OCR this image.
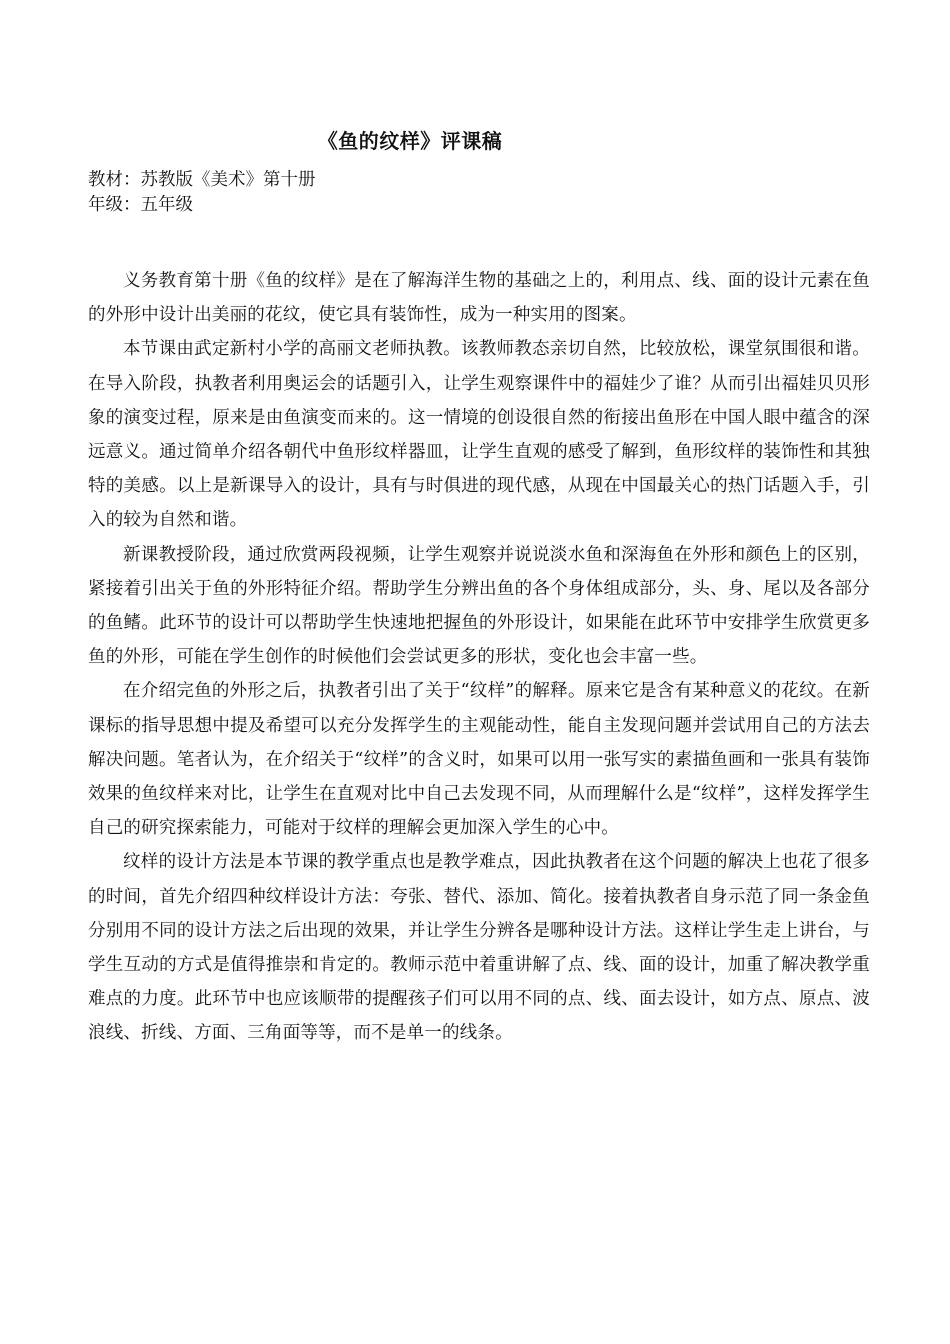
《鱼的纹样》评课稿
教材：苏教版《美术》第十册
年级：五年级

义务教育第十册《鱼的纹样》是在了解海洋生物的基础之上的，利用点、线、面的设计元素在鱼的外形中设计出美丽的花纹，使它具有装饰性，成为一种实用的图案。

本节课由武定新村小学的高丽文老师执教。该教师教态亲切自然，比较放松，课堂氛围很和谐。在导入阶段，执教者利用奥运会的话题引入，让学生观察课件中的福娃少了谁？从而引出福娃贝贝形象的演变过程，原来是由鱼演变而来的。这一情境的创设很自然的衔接出鱼形在中国人眼中蕴含的深远意义。通过简单介绍各朝代中鱼形纹样器皿，让学生直观的感受了解到，鱼形纹样的装饰性和其独特的美感。以上是新课导入的设计，具有与时俱进的现代感，从现在中国最关心的热门话题入手，引入的较为自然和谐。

新课教授阶段，通过欣赏两段视频，让学生观察并说说淡水鱼和深海鱼在外形和颜色上的区别，紧接着引出关于鱼的外形特征介绍。帮助学生分辨出鱼的各个身体组成部分，头、身、尾以及各部分的鱼鳍。此环节的设计可以帮助学生快速地把握鱼的外形设计，如果能在此环节中安排学生欣赏更多鱼的外形，可能在学生创作的时候他们会尝试更多的形状，变化也会丰富一些。

在介绍完鱼的外形之后，执教者引出了关于“纹样”的解释。原来它是含有某种意义的花纹。在新课标的指导思想中提及希望可以充分发挥学生的主观能动性，能自主发现问题并尝试用自己的方法去解决问题。笔者认为，在介绍关于“纹样”的含义时，如果可以用一张写实的素描鱼画和一张具有装饰效果的鱼纹样来对比，让学生在直观对比中自己去发现不同，从而理解什么是“纹样”，这样发挥学生自己的研究探索能力，可能对于纹样的理解会更加深入学生的心中。

纹样的设计方法是本节课的教学重点也是教学难点，因此执教者在这个问题的解决上也花了很多的时间，首先介绍四种纹样设计方法：夸张、替代、添加、简化。接着执教者自身示范了同一条金鱼分别用不同的设计方法之后出现的效果，并让学生分辨各是哪种设计方法。这样让学生走上讲台，与学生互动的方式是值得推崇和肯定的。教师示范中着重讲解了点、线、面的设计，加重了解决教学重难点的力度。此环节中也应该顺带的提醒孩子们可以用不同的点、线、面去设计，如方点、原点、波浪线、折线、方面、三角面等等，而不是单一的线条。
